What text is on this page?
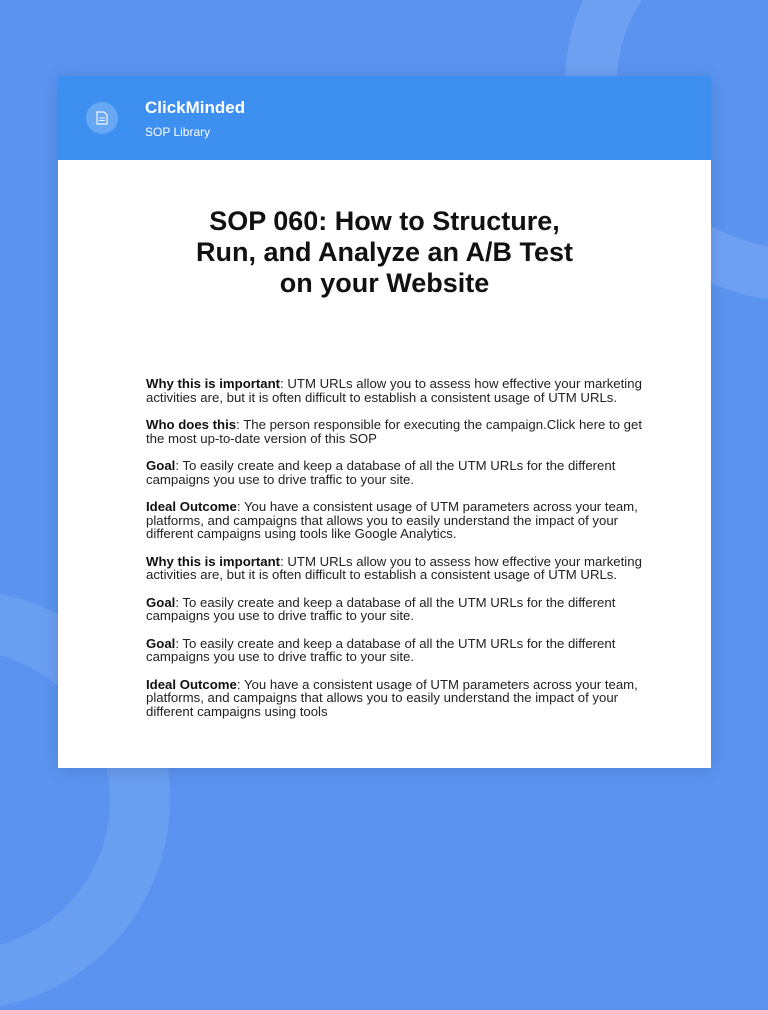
ClickMinded
SOP Library
SOP 060: How to Structure,
Run, and Analyze an A/B Test
on your Website

Why this is important: UTM URLs allow you to assess how effective your marketing activities are, but it is often difficult to establish a consistent usage of UTM URLs.

Who does this: The person responsible for executing the campaign.Click here to get the most up-to-date version of this SOP

Goal: To easily create and keep a database of all the UTM URLs for the different campaigns you use to drive traffic to your site.

Ideal Outcome: You have a consistent usage of UTM parameters across your team, platforms, and campaigns that allows you to easily understand the impact of your different campaigns using tools like Google Analytics.

Why this is important: UTM URLs allow you to assess how effective your marketing activities are, but it is often difficult to establish a consistent usage of UTM URLs.

Goal: To easily create and keep a database of all the UTM URLs for the different campaigns you use to drive traffic to your site.

Goal: To easily create and keep a database of all the UTM URLs for the different campaigns you use to drive traffic to your site.

Ideal Outcome: You have a consistent usage of UTM parameters across your team, platforms, and campaigns that allows you to easily understand the impact of your different campaigns using tools
